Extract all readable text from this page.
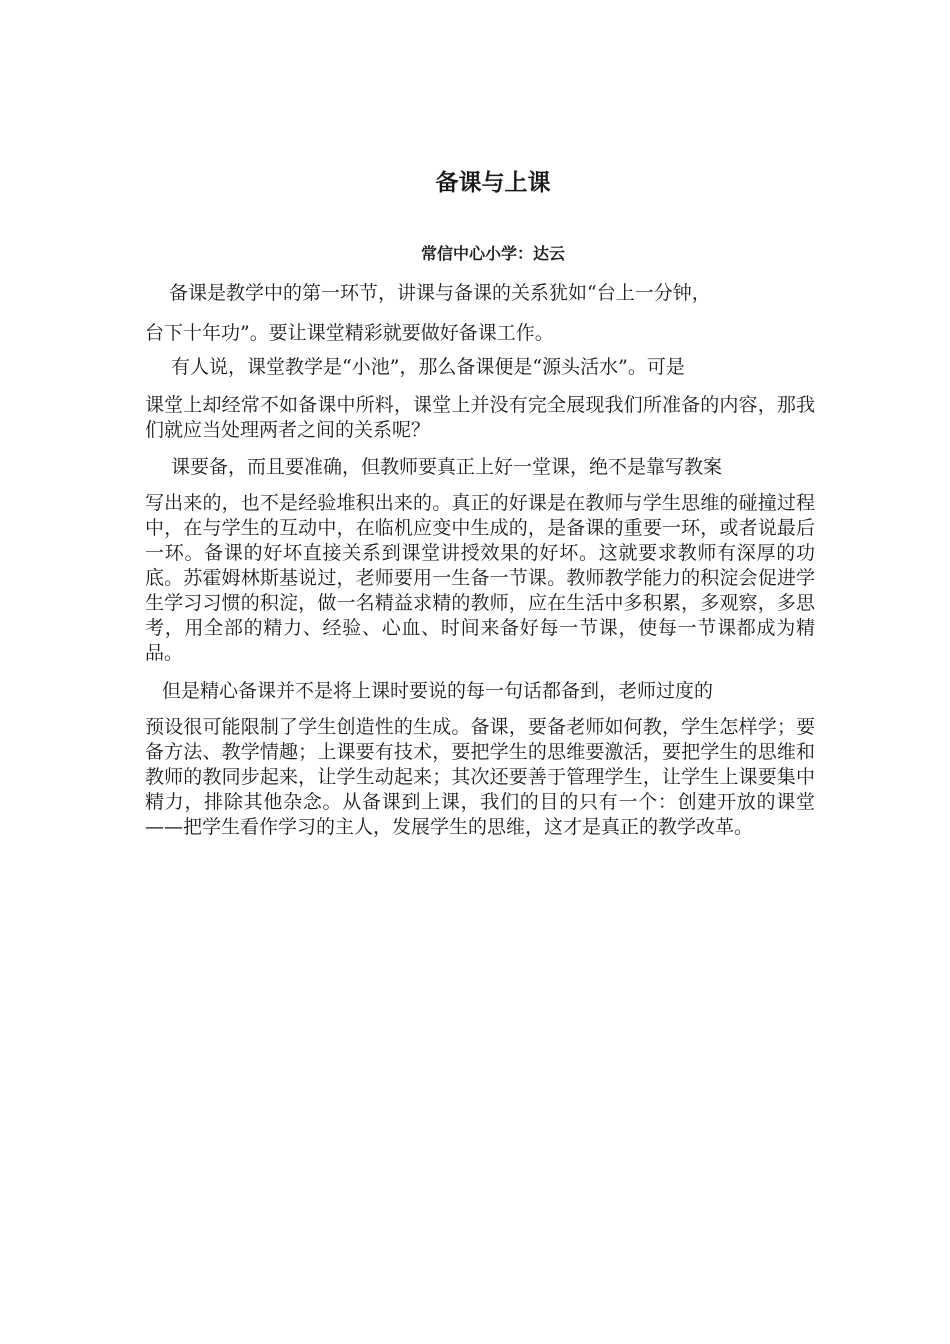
备课与上课
常信中心小学：达云

备课是教学中的第一环节，讲课与备课的关系犹如“台上一分钟，
台下十年功”。要让课堂精彩就要做好备课工作。

有人说，课堂教学是“小池”，那么备课便是“源头活水”。可是
课堂上却经常不如备课中所料，课堂上并没有完全展现我们所准备的内容，那我们就应当处理两者之间的关系呢？

课要备，而且要准确，但教师要真正上好一堂课，绝不是靠写教案
写出来的，也不是经验堆积出来的。真正的好课是在教师与学生思维的碰撞过程中，在与学生的互动中，在临机应变中生成的，是备课的重要一环，或者说最后一环。备课的好坏直接关系到课堂讲授效果的好坏。这就要求教师有深厚的功底。苏霍姆林斯基说过，老师要用一生备一节课。教师教学能力的积淀会促进学生学习习惯的积淀，做一名精益求精的教师，应在生活中多积累，多观察，多思考，用全部的精力、经验、心血、时间来备好每一节课，使每一节课都成为精品。

但是精心备课并不是将上课时要说的每一句话都备到，老师过度的
预设很可能限制了学生创造性的生成。备课，要备老师如何教，学生怎样学；要备方法、教学情趣；上课要有技术，要把学生的思维要激活，要把学生的思维和教师的教同步起来，让学生动起来；其次还要善于管理学生，让学生上课要集中精力，排除其他杂念。从备课到上课，我们的目的只有一个：创建开放的课堂　——把学生看作学习的主人，发展学生的思维，这才是真正的教学改革。
